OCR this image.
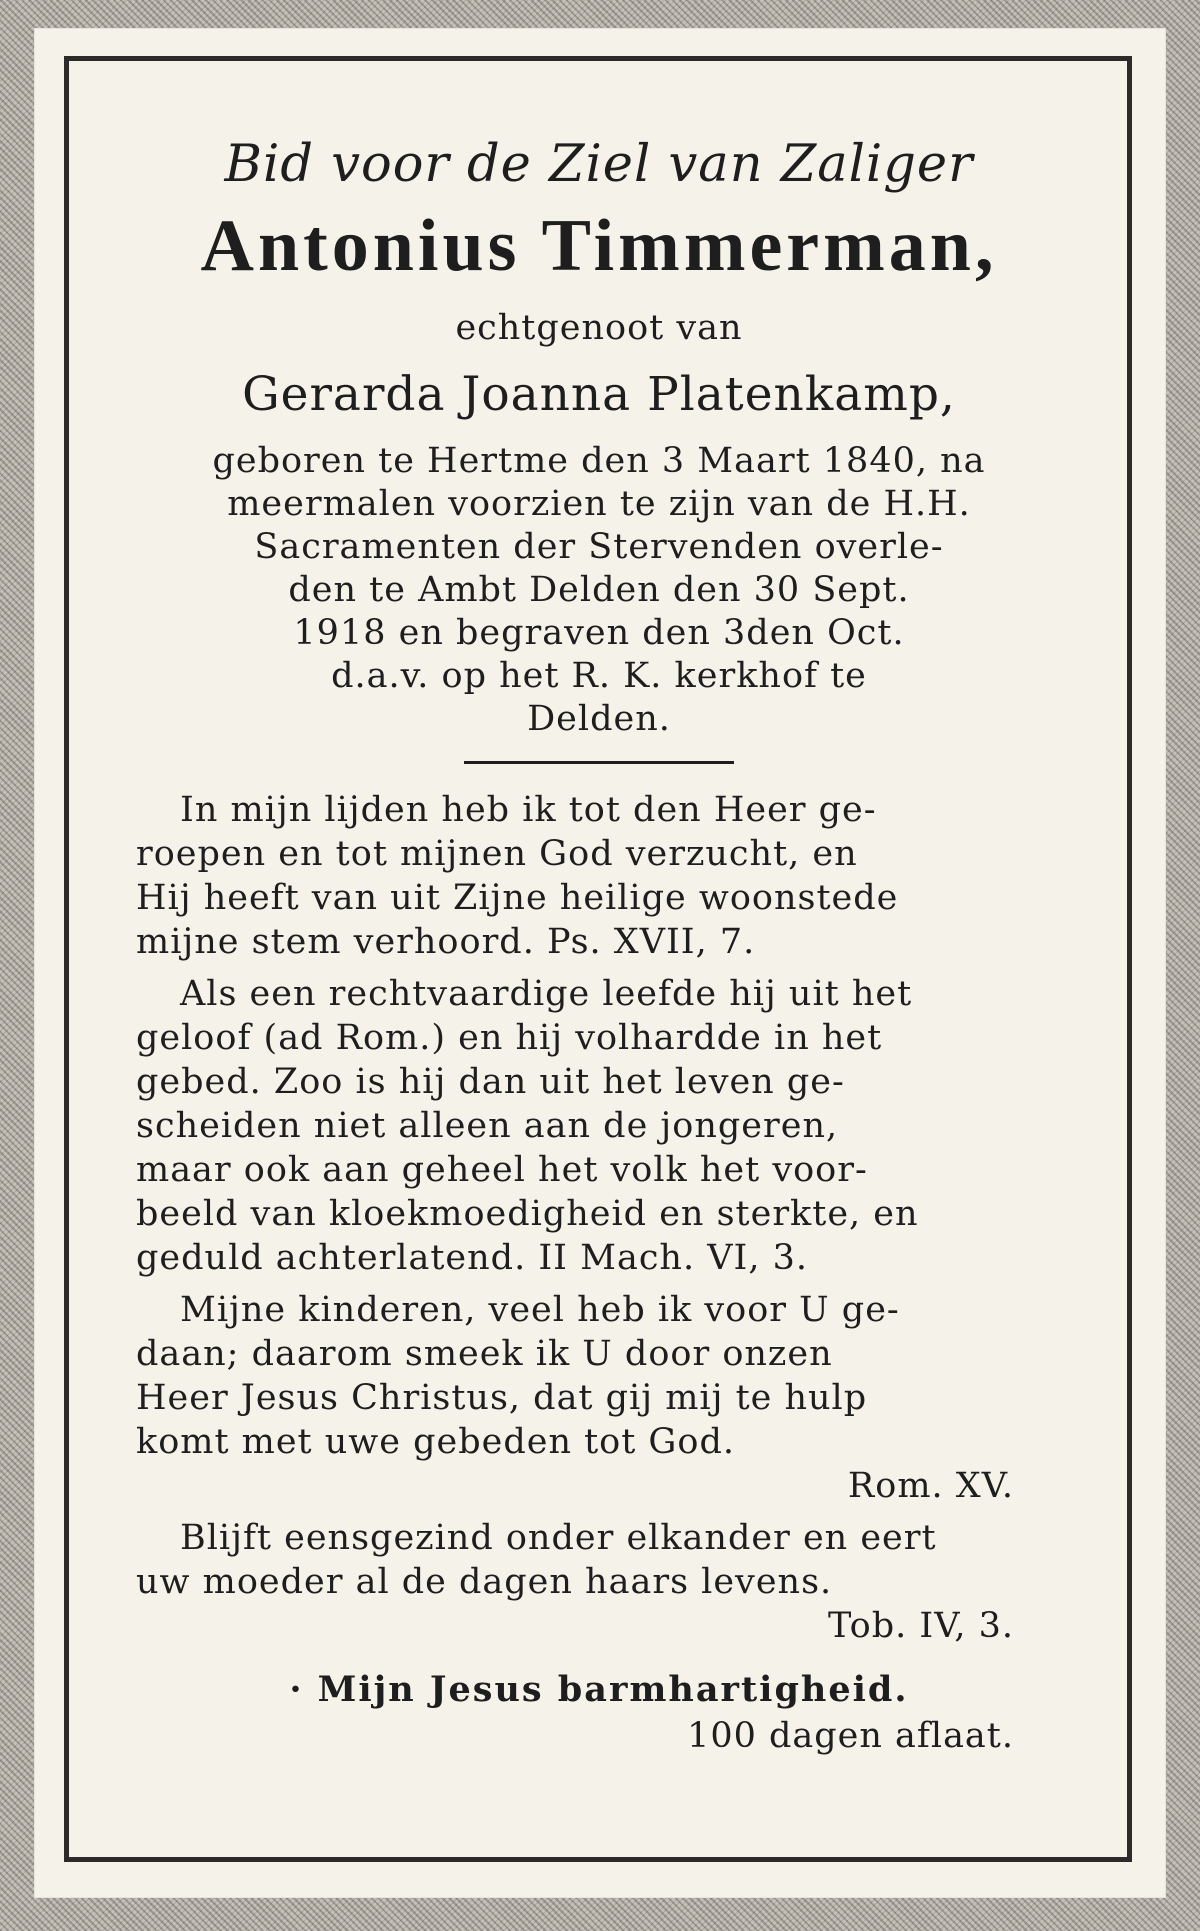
Bid voor de Ziel van Zaliger

Antonius Timmerman,

echtgenoot van

Gerarda Joanna Platenkamp,

geboren te Hertme den 3 Maart 1840, na
meermalen voorzien te zijn van de H.H.
Sacramenten der Stervenden overle-
den te Ambt Delden den 30 Sept.
1918 en begraven den 3den Oct.
d.a.v. op het R. K. kerkhof te
Delden.

In mijn lijden heb ik tot den Heer ge-
roepen en tot mijnen God verzucht, en
Hij heeft van uit Zijne heilige woonstede
mijne stem verhoord. Ps. XVII, 7.
Als een rechtvaardige leefde hij uit het
geloof (ad Rom.) en hij volhardde in het
gebed. Zoo is hij dan uit het leven ge-
scheiden niet alleen aan de jongeren,
maar ook aan geheel het volk het voor-
beeld van kloekmoedigheid en sterkte, en
geduld achterlatend. II Mach. VI, 3.
Mijne kinderen, veel heb ik voor U ge-
daan; daarom smeek ik U door onzen
Heer Jesus Christus, dat gij mij te hulp
komt met uwe gebeden tot God.
Rom. XV.
Blijft eensgezind onder elkander en eert
uw moeder al de dagen haars levens.
Tob. IV, 3.
· Mijn Jesus barmhartigheid.
100 dagen aflaat.
